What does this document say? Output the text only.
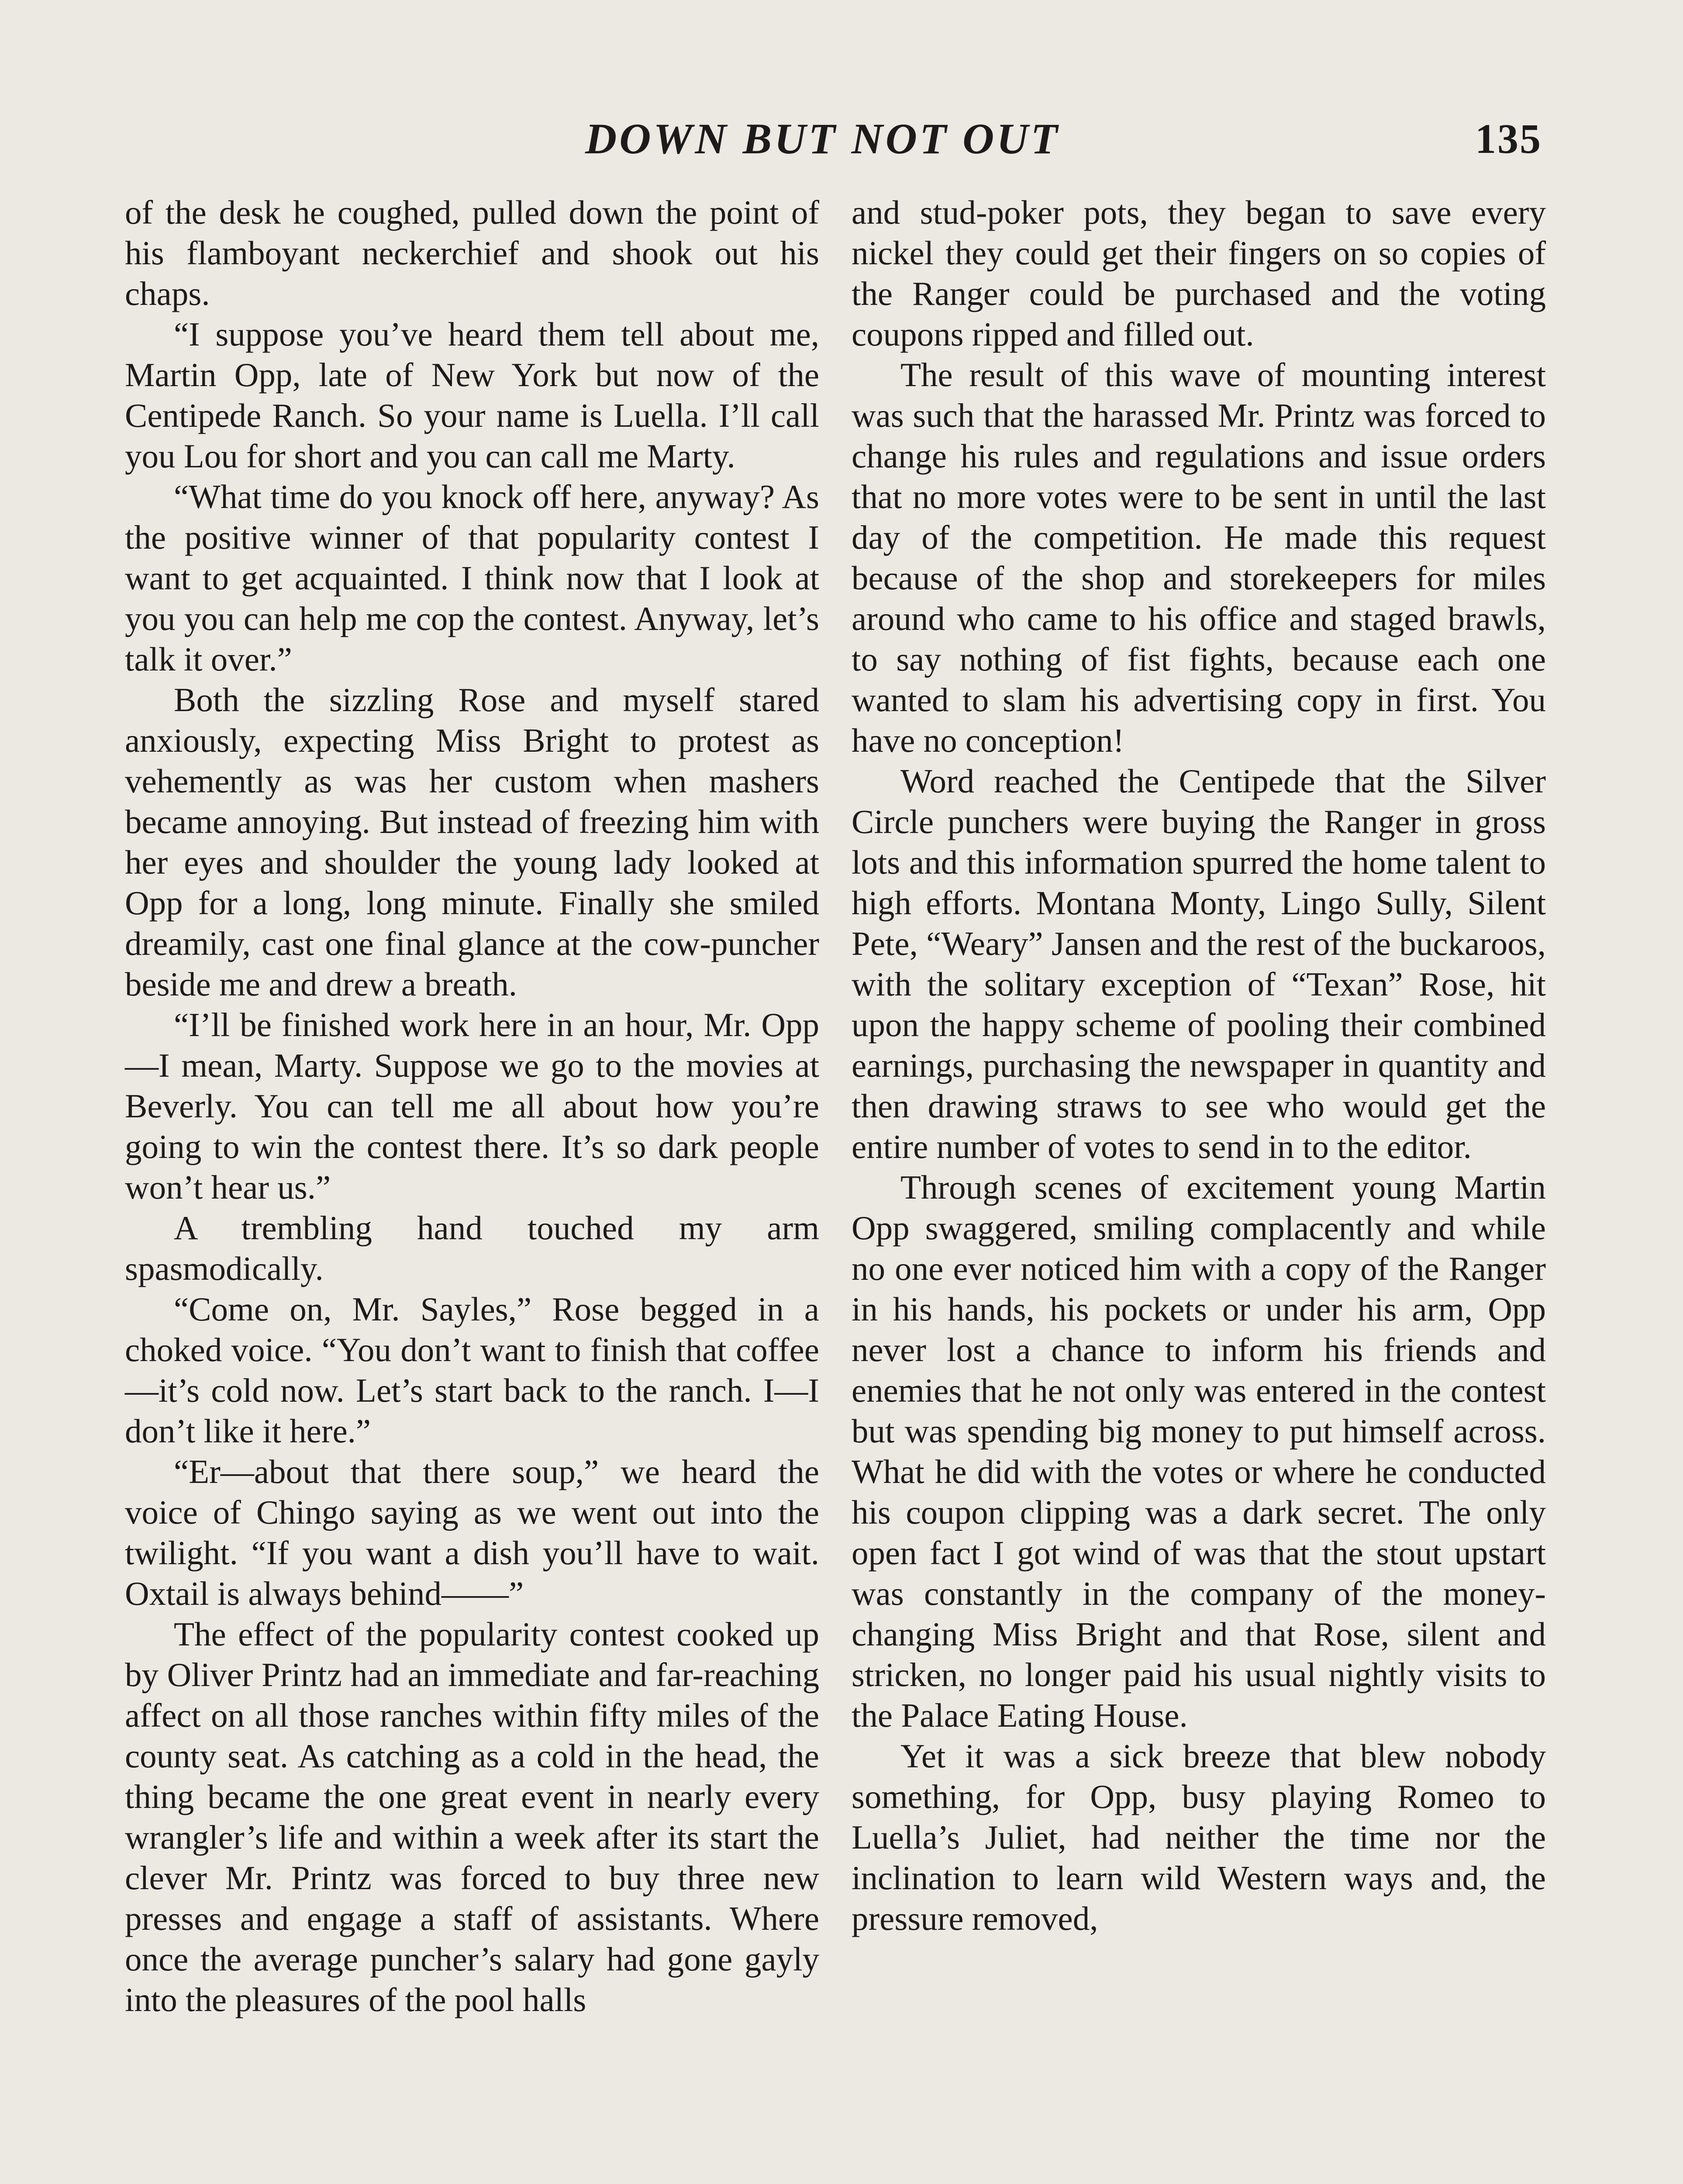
DOWN BUT NOT OUT	135

of the desk he coughed, pulled down the point of his flamboyant neckerchief and shook out his chaps.

“I suppose you’ve heard them tell about me, Martin Opp, late of New York but now of the Centipede Ranch. So your name is Luella. I’ll call you Lou for short and you can call me Marty.

“What time do you knock off here, anyway? As the positive winner of that popularity contest I want to get acquainted. I think now that I look at you you can help me cop the contest. Anyway, let’s talk it over.”

Both the sizzling Rose and myself stared anxiously, expecting Miss Bright to protest as vehemently as was her custom when mashers became annoying. But instead of freezing him with her eyes and shoulder the young lady looked at Opp for a long, long minute. Finally she smiled dreamily, cast one final glance at the cow-puncher beside me and drew a breath.

“I’ll be finished work here in an hour, Mr. Opp—I mean, Marty. Suppose we go to the movies at Beverly. You can tell me all about how you’re going to win the contest there. It’s so dark people won’t hear us.”

A trembling hand touched my arm spasmodically.

“Come on, Mr. Sayles,” Rose begged in a choked voice. “You don’t want to finish that coffee—it’s cold now. Let’s start back to the ranch. I—I don’t like it here.”

“Er—about that there soup,” we heard the voice of Chingo saying as we went out into the twilight. “If you want a dish you’ll have to wait. Oxtail is always behind——”

The effect of the popularity contest cooked up by Oliver Printz had an immediate and far-reaching affect on all those ranches within fifty miles of the county seat. As catching as a cold in the head, the thing became the one great event in nearly every wrangler’s life and within a week after its start the clever Mr. Printz was forced to buy three new presses and engage a staff of assistants. Where once the average puncher’s salary had gone gayly into the pleasures of the pool halls

and stud-poker pots, they began to save every nickel they could get their fingers on so copies of the Ranger could be purchased and the voting coupons ripped and filled out.

The result of this wave of mounting interest was such that the harassed Mr. Printz was forced to change his rules and regulations and issue orders that no more votes were to be sent in until the last day of the competition. He made this request because of the shop and storekeepers for miles around who came to his office and staged brawls, to say nothing of fist fights, because each one wanted to slam his advertising copy in first. You have no conception!

Word reached the Centipede that the Silver Circle punchers were buying the Ranger in gross lots and this information spurred the home talent to high efforts. Montana Monty, Lingo Sully, Silent Pete, “Weary” Jansen and the rest of the buckaroos, with the solitary exception of “Texan” Rose, hit upon the happy scheme of pooling their combined earnings, purchasing the newspaper in quantity and then drawing straws to see who would get the entire number of votes to send in to the editor.

Through scenes of excitement young Martin Opp swaggered, smiling complacently and while no one ever noticed him with a copy of the Ranger in his hands, his pockets or under his arm, Opp never lost a chance to inform his friends and enemies that he not only was entered in the contest but was spending big money to put himself across. What he did with the votes or where he conducted his coupon clipping was a dark secret. The only open fact I got wind of was that the stout upstart was constantly in the company of the money-changing Miss Bright and that Rose, silent and stricken, no longer paid his usual nightly visits to the Palace Eating House.

Yet it was a sick breeze that blew nobody something, for Opp, busy playing Romeo to Luella’s Juliet, had neither the time nor the inclination to learn wild Western ways and, the pressure removed,
